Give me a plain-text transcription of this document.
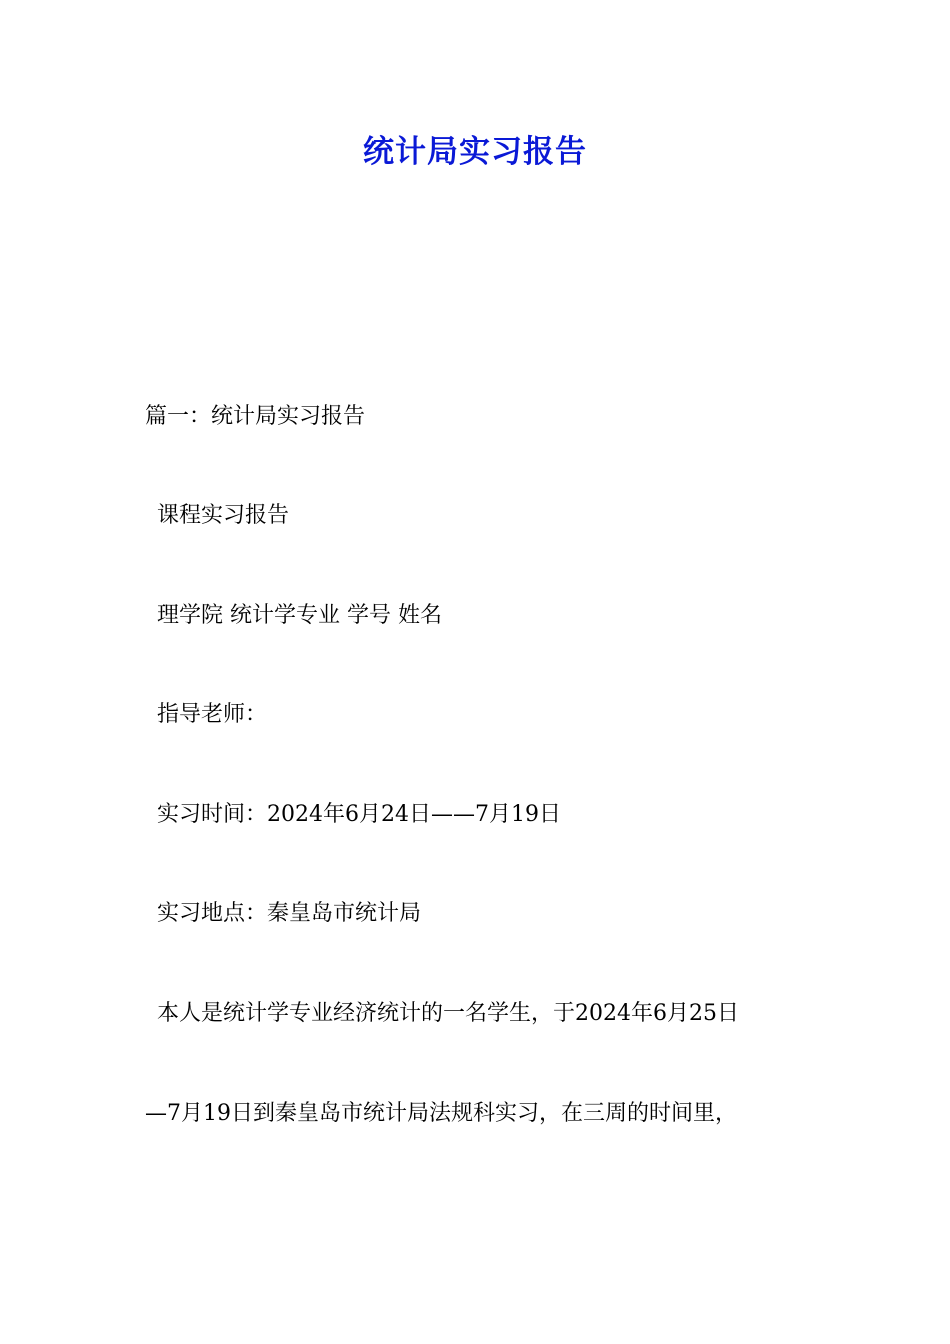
统计局实习报告
篇一：统计局实习报告
课程实习报告
理学院 统计学专业 学号 姓名
指导老师：
实习时间：2024年6月24日——7月19日
实习地点：秦皇岛市统计局
本人是统计学专业经济统计的一名学生，于2024年6月25日
—7月19日到秦皇岛市统计局法规科实习，在三周的时间里，
